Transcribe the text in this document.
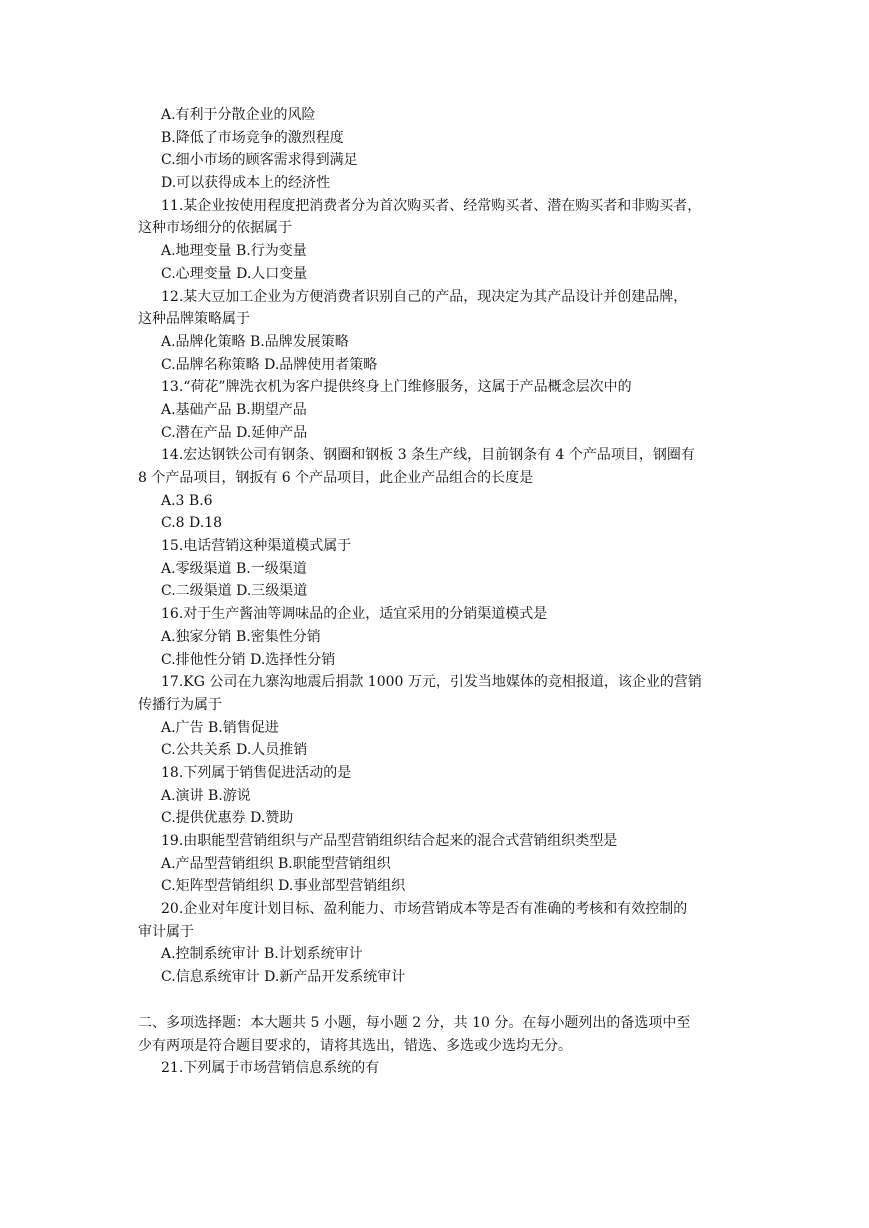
A.有利于分散企业的风险
B.降低了市场竞争的激烈程度
C.细小市场的顾客需求得到满足
D.可以获得成本上的经济性
11.某企业按使用程度把消费者分为首次购买者、经常购买者、潜在购买者和非购买者，
这种市场细分的依据属于
A.地理变量 B.行为变量
C.心理变量 D.人口变量
12.某大豆加工企业为方便消费者识别自己的产品，现决定为其产品设计并创建品牌，
这种品牌策略属于
A.品牌化策略 B.品牌发展策略
C.品牌名称策略 D.品牌使用者策略
13.“荷花”牌洗衣机为客户提供终身上门维修服务，这属于产品概念层次中的
A.基础产品 B.期望产品
C.潜在产品 D.延伸产品
14.宏达钢铁公司有钢条、钢圈和钢板 3 条生产线，目前钢条有 4 个产品项目，钢圈有
8 个产品项目，钢扳有 6 个产品项目，此企业产品组合的长度是
A.3 B.6
C.8 D.18
15.电话营销这种渠道模式属于
A.零级渠道 B.一级渠道
C.二级渠道 D.三级渠道
16.对于生产酱油等调味品的企业，适宜采用的分销渠道模式是
A.独家分销 B.密集性分销
C.排他性分销 D.选择性分销
17.KG 公司在九寨沟地震后捐款 1000 万元，引发当地媒体的竞相报道，该企业的营销
传播行为属于
A.广告 B.销售促进
C.公共关系 D.人员推销
18.下列属于销售促进活动的是
A.演讲 B.游说
C.提供优惠券 D.赞助
19.由职能型营销组织与产品型营销组织结合起来的混合式营销组织类型是
A.产品型营销组织 B.职能型营销组织
C.矩阵型营销组织 D.事业部型营销组织
20.企业对年度计划目标、盈利能力、市场营销成本等是否有准确的考核和有效控制的
审计属于
A.控制系统审计 B.计划系统审计
C.信息系统审计 D.新产品开发系统审计
二、多项选择题：本大题共 5 小题，每小题 2 分，共 10 分。在每小题列出的备选项中至
少有两项是符合题目要求的，请将其选出，错选、多选或少选均无分。
21.下列属于市场营销信息系统的有
